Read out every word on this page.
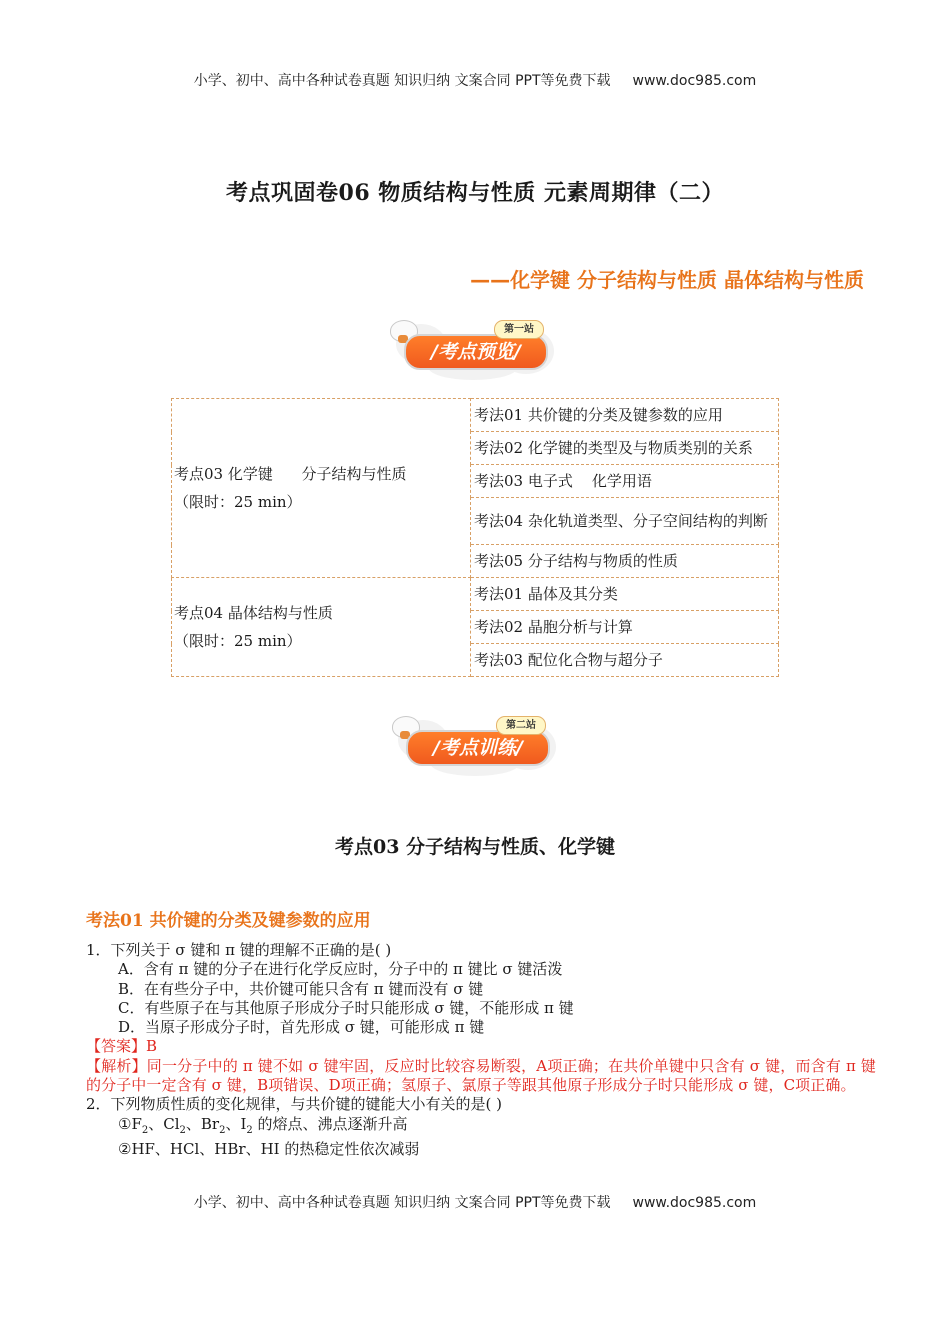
小学、初中、高中各种试卷真题 知识归纳 文案合同 PPT等免费下载 www.doc985.com
考点巩固卷06 物质结构与性质 元素周期律（二）
——化学键 分子结构与性质 晶体结构与性质
/考点预览/
第一站
考点03 化学键      分子结构与性质
（限时：25 min）	考法01 共价键的分类及键参数的应用
	考法02 化学键的类型及与物质类别的关系
	考法03 电子式    化学用语
	考法04 杂化轨道类型、分子空间结构的判断
	考法05 分子结构与物质的性质

考点04 晶体结构与性质
（限时：25 min）	考法01 晶体及其分类
	考法02 晶胞分析与计算
	考法03 配位化合物与超分子
/考点训练/
第二站
考点03 分子结构与性质、化学键
考法01 共价键的分类及键参数的应用

1．下列关于 σ 键和 π 键的理解不正确的是( )

A．含有 π 键的分子在进行化学反应时，分子中的 π 键比 σ 键活泼

B．在有些分子中，共价键可能只含有 π 键而没有 σ 键

C．有些原子在与其他原子形成分子时只能形成 σ 键，不能形成 π 键

D．当原子形成分子时，首先形成 σ 键，可能形成 π 键

【答案】B

【解析】同一分子中的 π 键不如 σ 键牢固，反应时比较容易断裂，A项正确；在共价单键中只含有 σ 键，而含有 π 键的分子中一定含有 σ 键，B项错误、D项正确；氢原子、氯原子等跟其他原子形成分子时只能形成 σ 键，C项正确。

2．下列物质性质的变化规律，与共价键的键能大小有关的是( )

$①F_2$、$Cl_2$、$Br_2$、$I_2$ 的熔点、沸点逐渐升高

②HF、HCl、HBr、HI 的热稳定性依次减弱

小学、初中、高中各种试卷真题 知识归纳 文案合同 PPT等免费下载 www.doc985.com
